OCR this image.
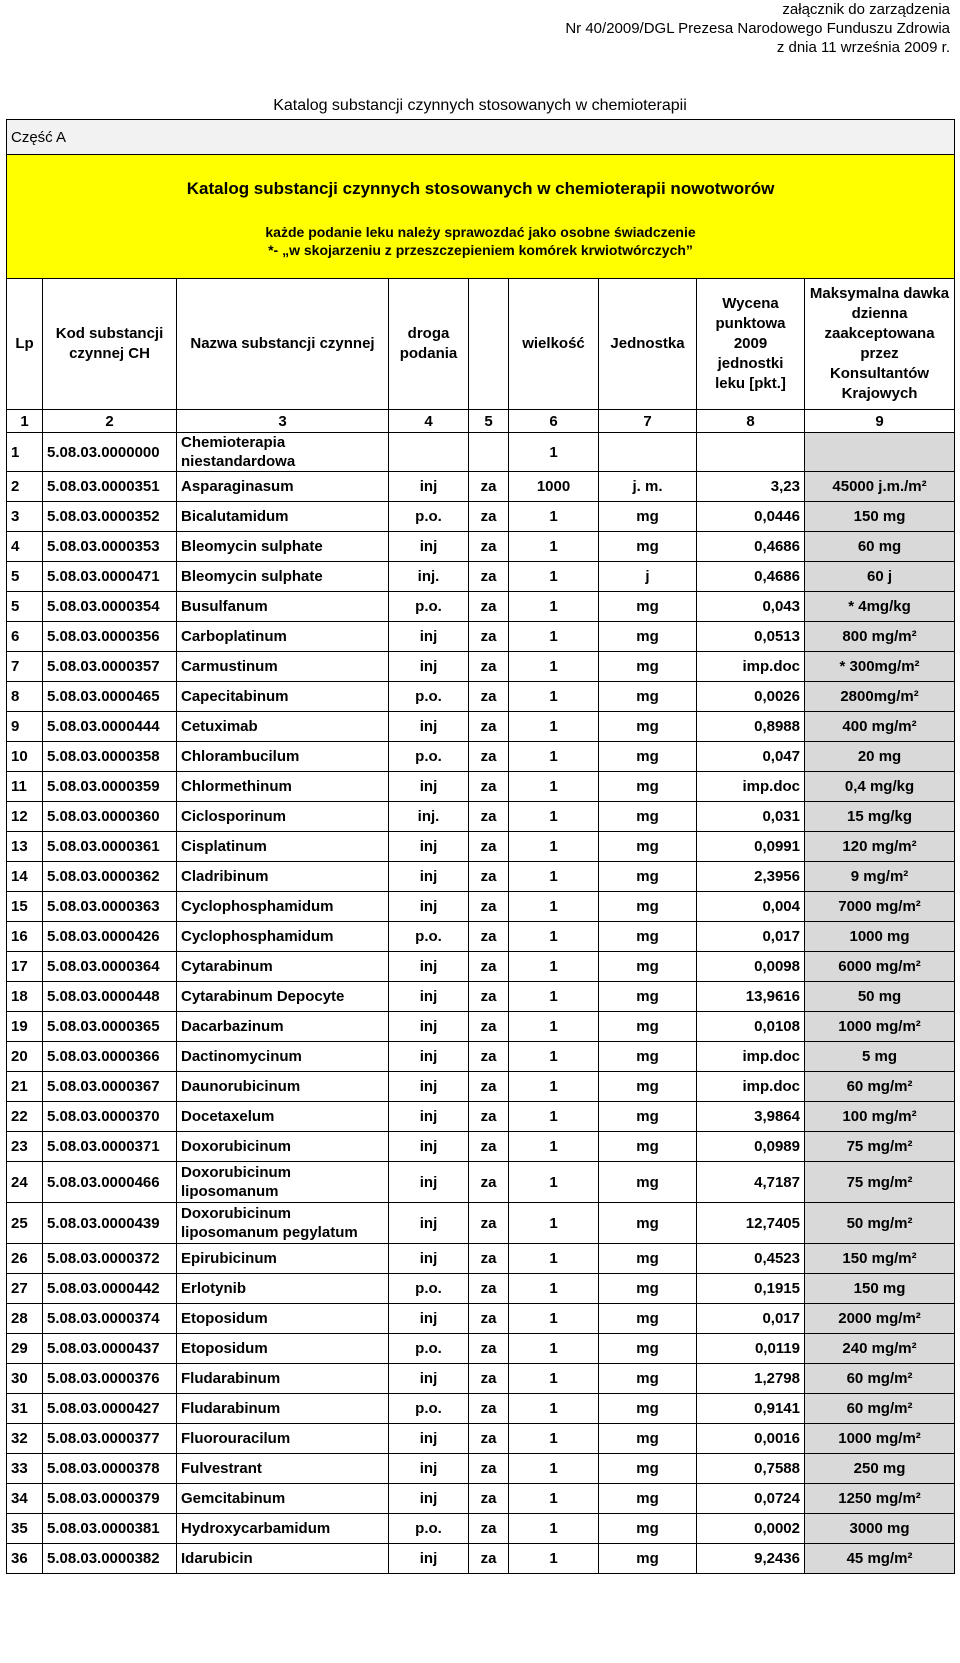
załącznik do zarządzenia
Nr 40/2009/DGL Prezesa Narodowego Funduszu Zdrowia
z dnia 11 września 2009 r.
Katalog substancji czynnych stosowanych w chemioterapii
Część A								

Katalog substancji czynnych stosowanych w chemioterapii nowotworów
każde podanie leku należy sprawozdać jako osobne świadczenie
*- „w skojarzeniu z przeszczepieniem komórek krwiotwórczych”								

Lp	Kod substancji czynnej CH	Nazwa substancji czynnej	droga podania		wielkość	Jednostka	Wycena punktowa 2009 jednostki leku [pkt.]	Maksymalna dawka dzienna zaakceptowana przez Konsultantów Krajowych
1	2	3	4	5	6	7	8	9
1	5.08.03.0000000	Chemioterapia niestandardowa			1			
2	5.08.03.0000351	Asparaginasum	inj	za	1000	j. m.	3,23	45000 j.m./m²
3	5.08.03.0000352	Bicalutamidum	p.o.	za	1	mg	0,0446	150 mg
4	5.08.03.0000353	Bleomycin sulphate	inj	za	1	mg	0,4686	60 mg
5	5.08.03.0000471	Bleomycin sulphate	inj.	za	1	j	0,4686	60 j
5	5.08.03.0000354	Busulfanum	p.o.	za	1	mg	0,043	* 4mg/kg
6	5.08.03.0000356	Carboplatinum	inj	za	1	mg	0,0513	800 mg/m²
7	5.08.03.0000357	Carmustinum	inj	za	1	mg	imp.doc	* 300mg/m²
8	5.08.03.0000465	Capecitabinum	p.o.	za	1	mg	0,0026	2800mg/m²
9	5.08.03.0000444	Cetuximab	inj	za	1	mg	0,8988	400 mg/m²
10	5.08.03.0000358	Chlorambucilum	p.o.	za	1	mg	0,047	20 mg
11	5.08.03.0000359	Chlormethinum	inj	za	1	mg	imp.doc	0,4 mg/kg
12	5.08.03.0000360	Ciclosporinum	inj.	za	1	mg	0,031	15 mg/kg
13	5.08.03.0000361	Cisplatinum	inj	za	1	mg	0,0991	120 mg/m²
14	5.08.03.0000362	Cladribinum	inj	za	1	mg	2,3956	9 mg/m²
15	5.08.03.0000363	Cyclophosphamidum	inj	za	1	mg	0,004	7000 mg/m²
16	5.08.03.0000426	Cyclophosphamidum	p.o.	za	1	mg	0,017	1000 mg
17	5.08.03.0000364	Cytarabinum	inj	za	1	mg	0,0098	6000 mg/m²
18	5.08.03.0000448	Cytarabinum Depocyte	inj	za	1	mg	13,9616	50 mg
19	5.08.03.0000365	Dacarbazinum	inj	za	1	mg	0,0108	1000 mg/m²
20	5.08.03.0000366	Dactinomycinum	inj	za	1	mg	imp.doc	5 mg
21	5.08.03.0000367	Daunorubicinum	inj	za	1	mg	imp.doc	60 mg/m²
22	5.08.03.0000370	Docetaxelum	inj	za	1	mg	3,9864	100 mg/m²
23	5.08.03.0000371	Doxorubicinum	inj	za	1	mg	0,0989	75 mg/m²
24	5.08.03.0000466	Doxorubicinum liposomanum	inj	za	1	mg	4,7187	75 mg/m²
25	5.08.03.0000439	Doxorubicinum liposomanum pegylatum	inj	za	1	mg	12,7405	50 mg/m²
26	5.08.03.0000372	Epirubicinum	inj	za	1	mg	0,4523	150 mg/m²
27	5.08.03.0000442	Erlotynib	p.o.	za	1	mg	0,1915	150 mg
28	5.08.03.0000374	Etoposidum	inj	za	1	mg	0,017	2000 mg/m²
29	5.08.03.0000437	Etoposidum	p.o.	za	1	mg	0,0119	240 mg/m²
30	5.08.03.0000376	Fludarabinum	inj	za	1	mg	1,2798	60 mg/m²
31	5.08.03.0000427	Fludarabinum	p.o.	za	1	mg	0,9141	60 mg/m²
32	5.08.03.0000377	Fluorouracilum	inj	za	1	mg	0,0016	1000 mg/m²
33	5.08.03.0000378	Fulvestrant	inj	za	1	mg	0,7588	250 mg
34	5.08.03.0000379	Gemcitabinum	inj	za	1	mg	0,0724	1250 mg/m²
35	5.08.03.0000381	Hydroxycarbamidum	p.o.	za	1	mg	0,0002	3000 mg
36	5.08.03.0000382	Idarubicin	inj	za	1	mg	9,2436	45 mg/m²
